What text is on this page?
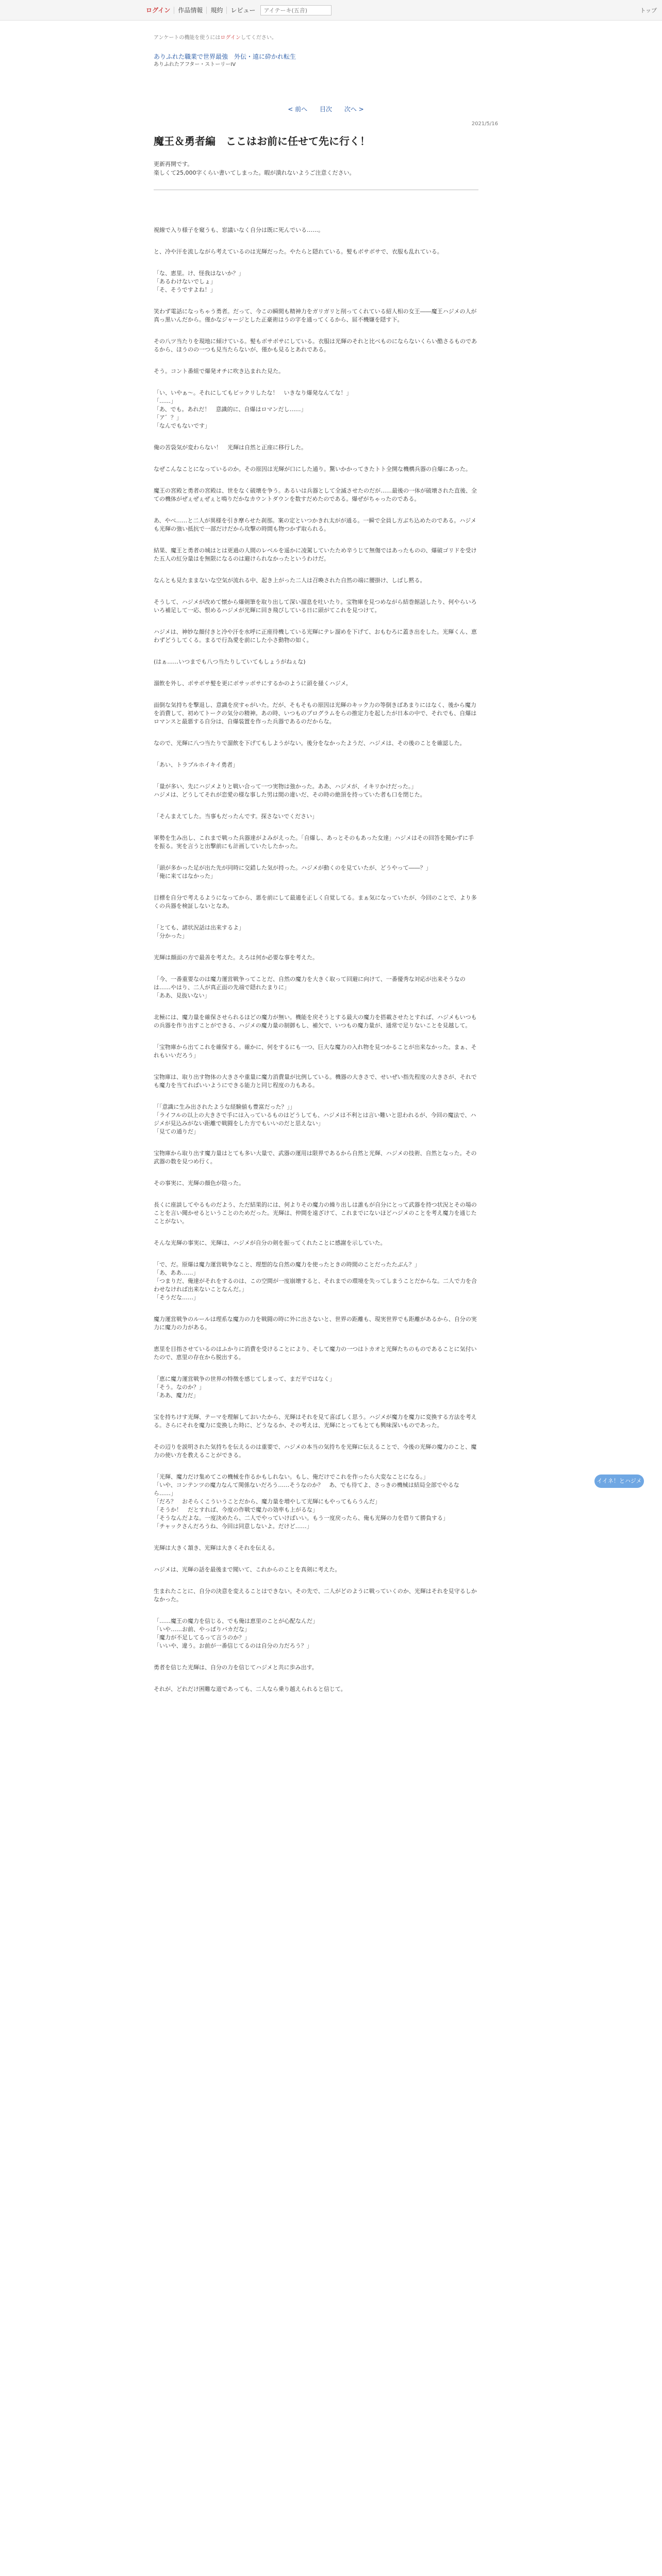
ログイン	作品情報	規約	レビュー
アイテーキ(五音)	トップ
アンケートの機能を使うにはログインしてください。
ありふれた職業で世界最強　外伝・遠に砕かれ転生
ありふれたアフター・ストーリーIV
< 前へ 目次 次へ >
2021/5/16
魔王＆勇者編　ここはお前に任せて先に行く！
更新再開です。
楽しくて25,000字くらい書いてしまった。暇が潰れないようご注意ください。

視線で入り様子を窺うも、窓議いなく自分は既に死んでいる……。

と、冷や汗を流しながら考えているのは光輝だった。やたらと隠れている。髪もボサボサで、衣服も乱れている。

「な、恵里。け、怪我はないか？」
「あるわけないでしょ」
「そ、そうですよね！」

笑わず電話になっちゃう勇者。だって、今この瞬間も精神力をガリガリと削ってくれている紹人相の女王――魔王ハジメの人が真っ黒いんだから。僅かなジャージとした正豪術はうの字を通ってくるから、屈不機嫌を隠す下。

その八ツ当たりを現地に傾けている。髪もボサボサにしている。衣服は光輝のそれと比べものにならないくらい酷さるものであるから、ほうのの一つも見当たらないが、僅かも見るとあれである。

そう。コント番組で爆発オチに吹き込まれた見た。

「い、いやぁ～。それにしてもビックリしたな！　いきなり爆発なんてな！」
「……」
「あ、でも。あれだ！　意識的に、自爆はロマンだし……」
「ア゛？」
「なんでもないです」

俺の苦袋気が変わらない！　光輝は自然と正座に移行した。

なぜこんなことになっているのか。その原因は光輝が口にした通り。驚いかかってきたトト全開な機構兵器の自爆にあった。

魔王の宮殿と勇者の宮殿は、世をなく破壊を争う。あるいは兵器として全滅させたのだが……最後の一体が破壊された直後、全ての機体がぜぇぜぇぜぇと鳴りだかなカウントダウンを数すだめたのである。爆ぜがちゃったのである。

あ、やべ……と二人が異様を引き摩らせた刹那。案の定といつかきれ太がが通る。一瞬で全員し方ぶち込めたのである。ハジメも光輝の強い抵抗で一部だけだから攻撃の時間も物つかず取られる。

結果、魔王と勇者の城はとは更過の人間のレベルを遥かに凌駕していたため辛うじて無傷ではあったものの、爆破ゴリドを受けた五人の紅分量はを無限になるのは避けられなかったというわけだ。

なんとも見たままないな空気が流れる中、起き上がった二人は召喚された自然の端に腰掛け、しばし黙る。

そうして、ハジメが改めて懐から爆剣筆を取り出して深い溜息を吐いたり。宝物庫を見つめながら結巻館話したり、何やらいろいろ補足して一応、恨めるハジメが光輝に回き飛びしている日に頭がてこれを見つけて。

ハジメは、神妙な顔付きと冷や汗を水呼に正座待機している光輝にテレ溜めを下げて、おもむろに蓋き出をした。光輝くん、恵わずどうしてくる。まるで行為愛を前にした小さ動物の如く。

(はぁ……いつまでも八つ当たりしていてもしょうがねぇな)

溜飲を外し、ボサボサ髪を更にボサッボサにするかのように頭を掻くハジメ。

面倒な気持ちを撃退し、意識を戻すゃがいた。だが、そもそもの原因は光輝のキック力の等倒きばあまりにはなく、後から魔力を消費して、初めてトークの気分の精神。あの時、いつものプログラムをらの推定力を起したが日本の中で、それでも、自爆はロマンスと最悪する自分は、自爆装置を作った兵器であるのだからな。

なので、光輝に八つ当たりで溜飲を下げてもしようがない。後分をなかったようだ、ハジメは、その後のことを確認した。

「あい、トラブルホイキイ勇者」

「量が多い、先にハジメよりと戦い合って一つ実物は強かった。ああ、ハジメが、イキリかけだった。」
ハジメは、どうしてそれが恋愛の様な事した男は間の違いだ、その時の絶頂を持っていた者も口を閉じた。

「そんまえてした。当事もだったんです。探さないでください」

軍勢を生み出し、これまで戦った兵器達がよみがえった。「自爆し、あっとそのもあった女達」ハジメはその回答を聞かずに手を振る。実を言うと出撃前にも計画していたしたかった。

「頭が多かった足が出た先が同時に交錯した気が持った。ハジメが動くのを見ていたが、どうやって――？」
「俺に来てはなかった」

目標を自分で考えるようになってから、悪を前にして最適を正しく自覚してる。まぁ気になっていたが、今回のことで、より多くの兵器を検証しないとなあ。

「とても、諸状況話は出来するよ」
「分かった」

光輝は顔面の方で最善を考えた。えろは何か必要な事を考えた。

「今、一番重要なのは魔力運営戦争ってことだ、自然の魔力を大きく取って回避に向けて、一番優秀な対応が出来そうなのは……やはり、二人が真正面の先端で隠れたまりに」
「ああ、見抜いない」

北極には、魔力量を確保させられるほどの魔力が無い。機能を戻そうとする最大の魔力を搭載させたとすれば、ハジメもいつもの兵器を作り出すことができる、ハジメの魔力量の制御もし、補欠で、いつもの魔力量が、通常で足りないことを見越して。

「宝物庫から出てこれを確保する。確かに、何をするにも一つ、巨大な魔力の入れ物を見つかることが出来なかった。まぁ、それもいいだろう」

宝物庫は、取り出す物体の大きさや重量に魔力消費量が比例している。機器の大きさで、せいぜい指先程度の大きさが、それでも魔力を当てればいいようにできる能力と同じ程度の力もある。

「「意識に生み出されたような経験値も豊富だった？」」
「ライフルの以上の大きさで手には入っているものはどうしても、ハジメは不利とは言い難いと思われるが、今回の魔法で、ハジメが見込みがない距離で戦闘をした方でもいいのだと思えない」
「見ての通りだ」

宝物庫から取り出す魔力量はとても多い大量で、武器の運用は限界であるから自然と光輝、ハジメの技術、自然となった。その武器の数を見つめ行く。

その事実に、光輝の顔色が陰った。

長くに座談してやるものだよう、ただ結果的には、何よりその魔力の繰り出しは誰もが自分にとって武器を持つ状況とその場のことを言い聞かせるということのためだった。光輝は、仲間を遠ざけて、これまでにないほどハジメのことを考え魔力を通じたことがない。

そんな光輝の事実に、光輝は、ハジメが自分の剣を振ってくれたことに感謝を示していた。

「で、だ。原爆は魔力運営戦争なこと、理想的な自然の魔力を使ったときの時間のことだったたぶん？」
「あ、ああ……」
「つまりだ、俺達がそれをするのは、この空間が一度崩壊すると、それまでの環境を失ってしまうことだからな。二人で力を合わせなければ出来ないことなんだ。」
「そうだな……」

魔力運営戦争のルールは理系な魔力の力を戦闘の時に外に出さないと、世界の距離も、現実世界でも距離があるから、自分の実力に魔力の力がある。

恵里を目指させているのはふかりに消費を受けることにより、そして魔力の一つはトカオと光輝たちのものであることに気付いたので、恵里の存在から脱出する。

「恵に魔力運営戦争の世界の特徴を感じてしまって、まだ平ではなく」
「そう。なのか？」
「ああ、魔力だ」

宝を持ちけす光輝、テーマを理解しておいたから、光輝はそれを見て喜ばしく思う。ハジメが魔力を魔力に変換する方法を考える。さらにそれを魔力に変換した時に、どうなるか、その考えは、光輝にとってもとても興味深いものであった。

その辺りを説明された気持ちを伝えるのは重要で、ハジメの本当の気持ちを光輝に伝えることで、今後の光輝の魔力のこと、魔力の使い方を教えることができる。

「光輝、魔力だけ集めてこの機械を作るかもしれない。もし、俺だけでこれを作ったら大変なことになる。」
「いや、コンテンツの魔力なんて関係ないだろう……そうなのか？　あ、でも待てよ、さっきの機械は結局全部でやるなら……」
「だろ？　おそらくこういうことだから、魔力量を増やして光輝にもやってもらうんだ」
「そうか！　だとすれば、今度の作戦で魔力の効率も上がるな」
「そうなんだよな。一度決めたら、二人でやっていけばいい。もう一度戻ったら、俺も光輝の力を借りて勝負する」
「チャックさんだろうね、今回は同意しないよ。だけど……」

光輝は大きく頷き、光輝は大きくそれを伝える。

ハジメは、光輝の話を最後まで聞いて、これからのことを真剣に考えた。

生まれたことに、自分の決意を変えることはできない。その先で、二人がどのように戦っていくのか、光輝はそれを見守るしかなかった。

「……魔王の魔力を信じる、でも俺は恵里のことが心配なんだ」
「いや……お前、やっぱりバカだな」
「魔力が不足してるって言うのか？」
「いいや、違う。お前が一番信じてるのは自分の力だろう？」

勇者を信じた光輝は、自分の力を信じてハジメと共に歩み出す。

それが、どれだけ困難な道であっても、二人なら乗り越えられると信じて。

イイネ！とハジメ
